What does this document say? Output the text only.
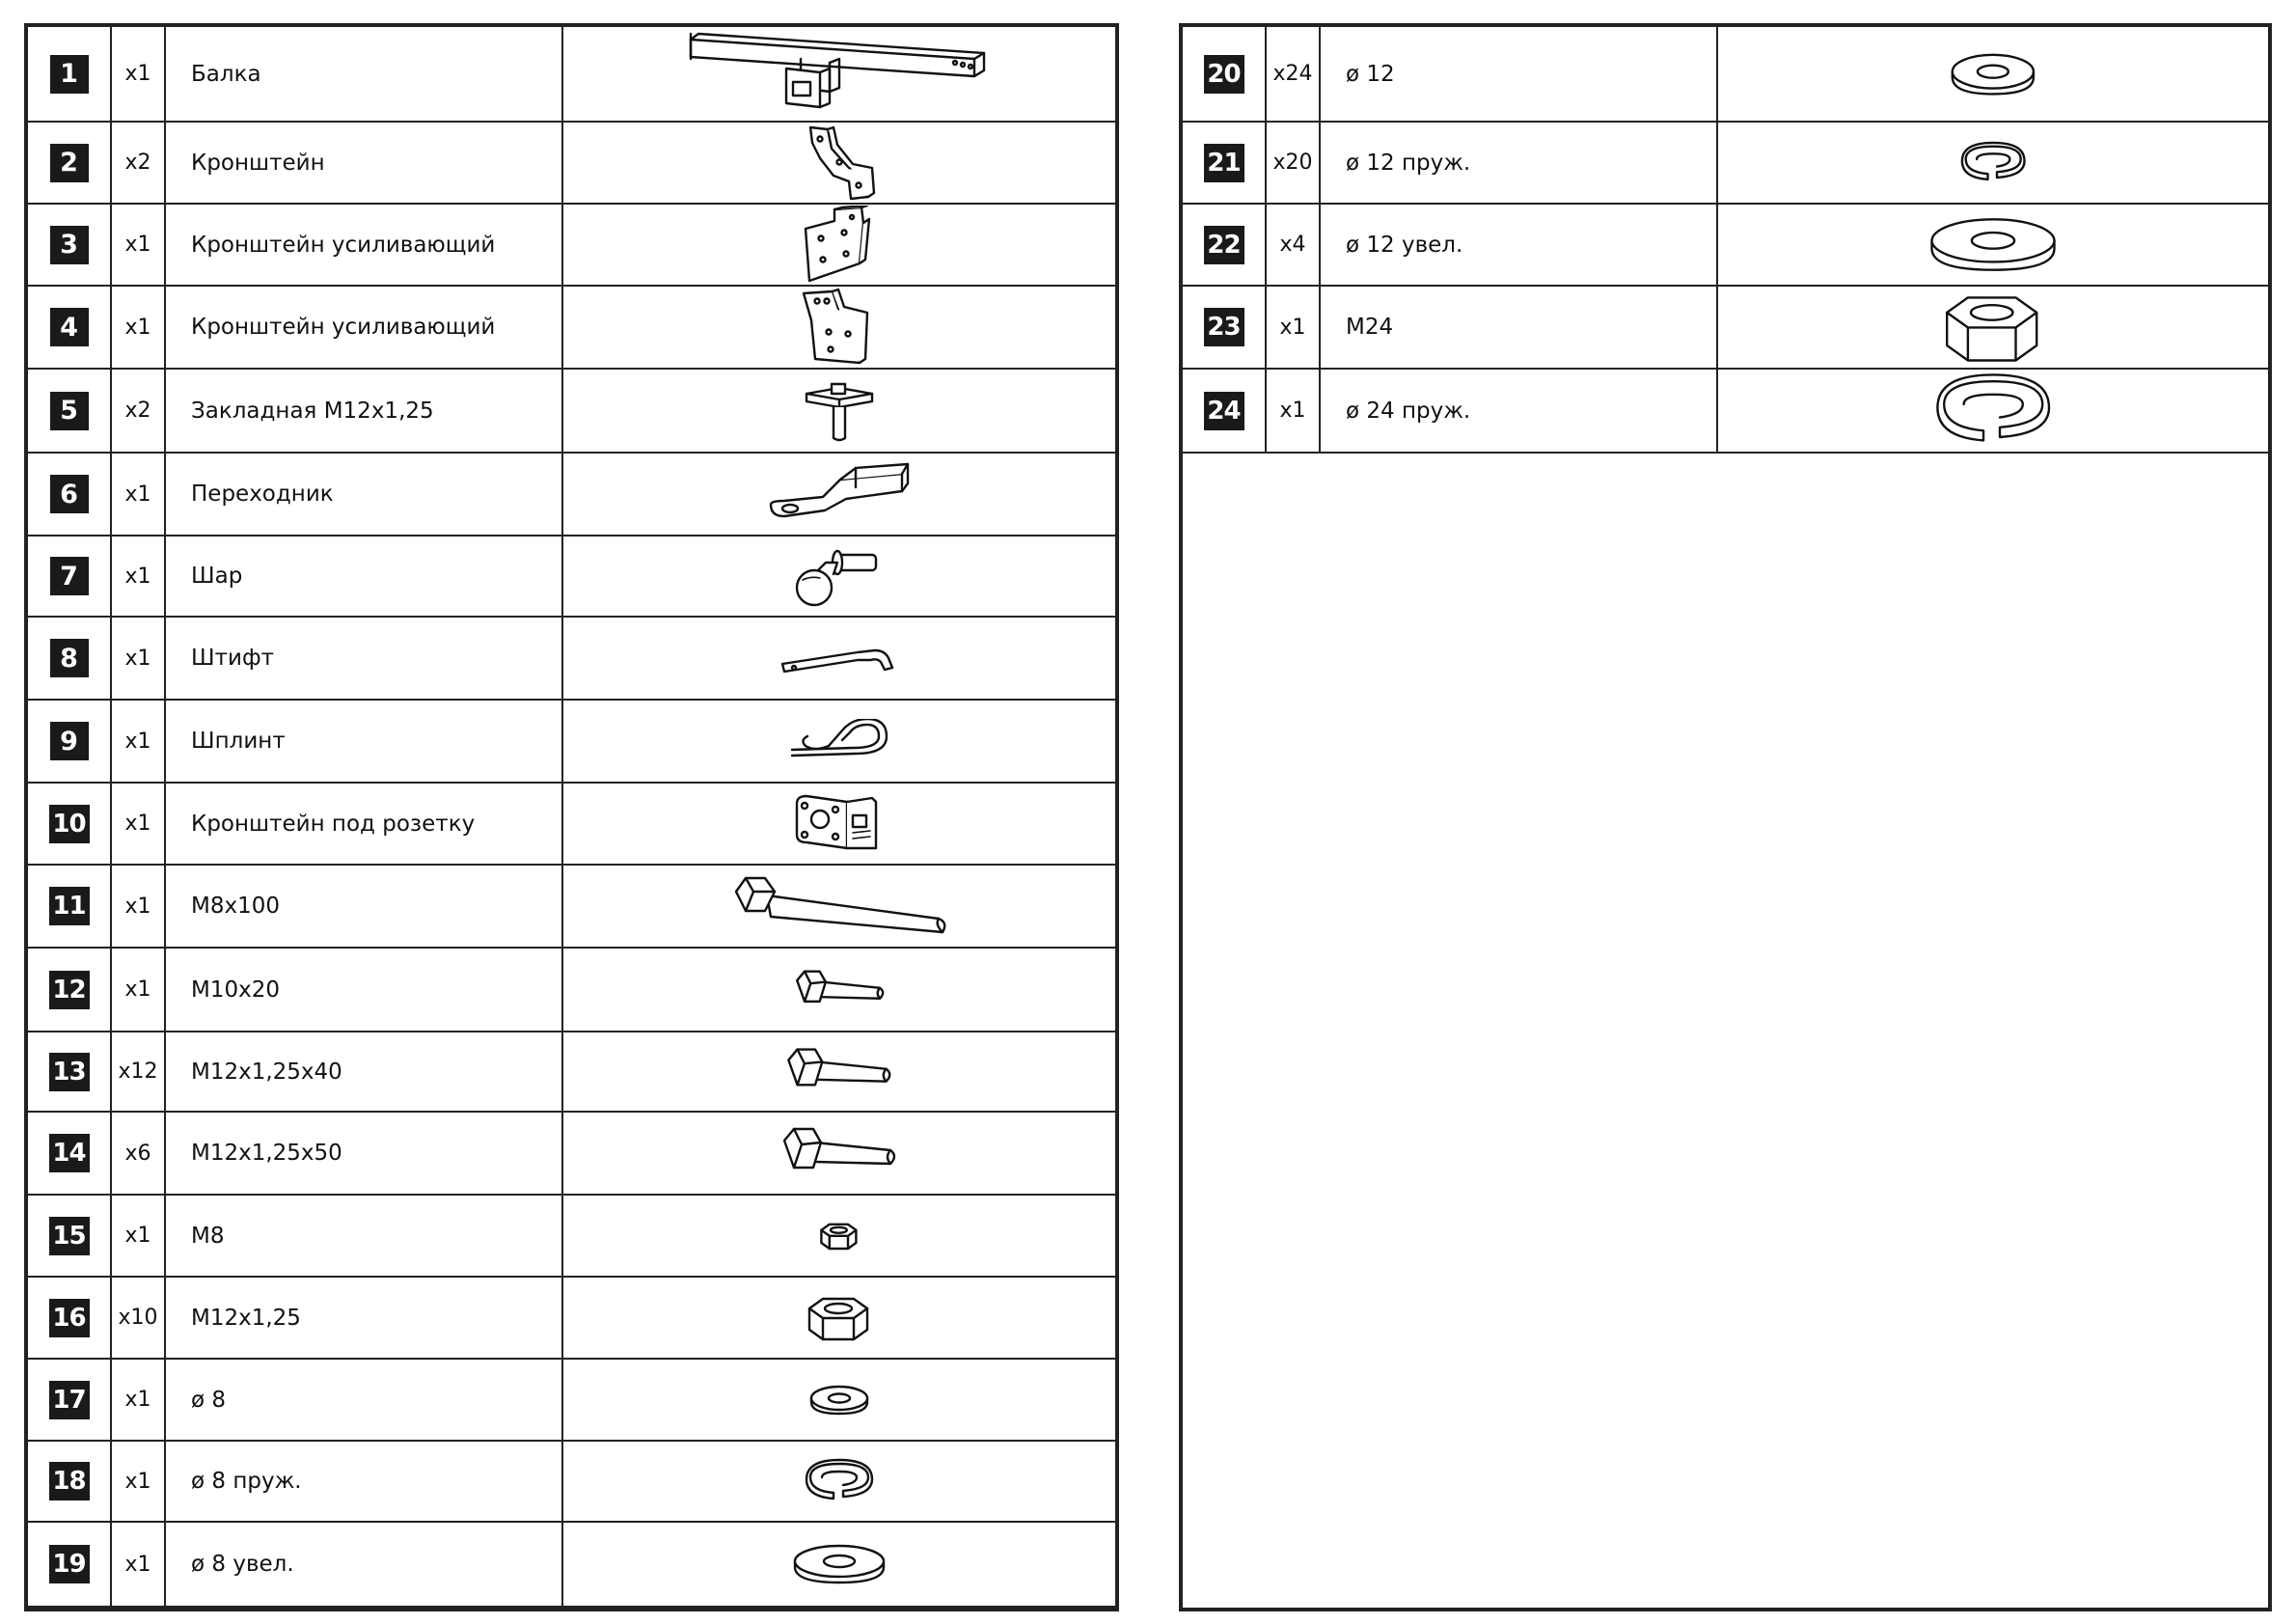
1	x1	Балка
2	x2	Кронштейн
3	x1	Кронштейн усиливающий
4	x1	Кронштейн усиливающий
5	x2	Закладная М12х1,25
6	x1	Переходник
7	x1	Шар
8	x1	Штифт
9	x1	Шплинт
10	x1	Кронштейн под розетку
11	x1	М8х100
12	x1	М10х20
13 x12	М12х1,25х40
14	x6	М12х1,25х50
15	x1	М8
16 x10	М12х1,25
17	x1	ø 8
18	x1	ø 8 пруж.
19	x1	ø 8 увел.
20 x24	ø 12
21 x20	ø 12 пруж.
22	x4	ø 12 увел.
23	x1	М24
24	x1	ø 24 пруж.
